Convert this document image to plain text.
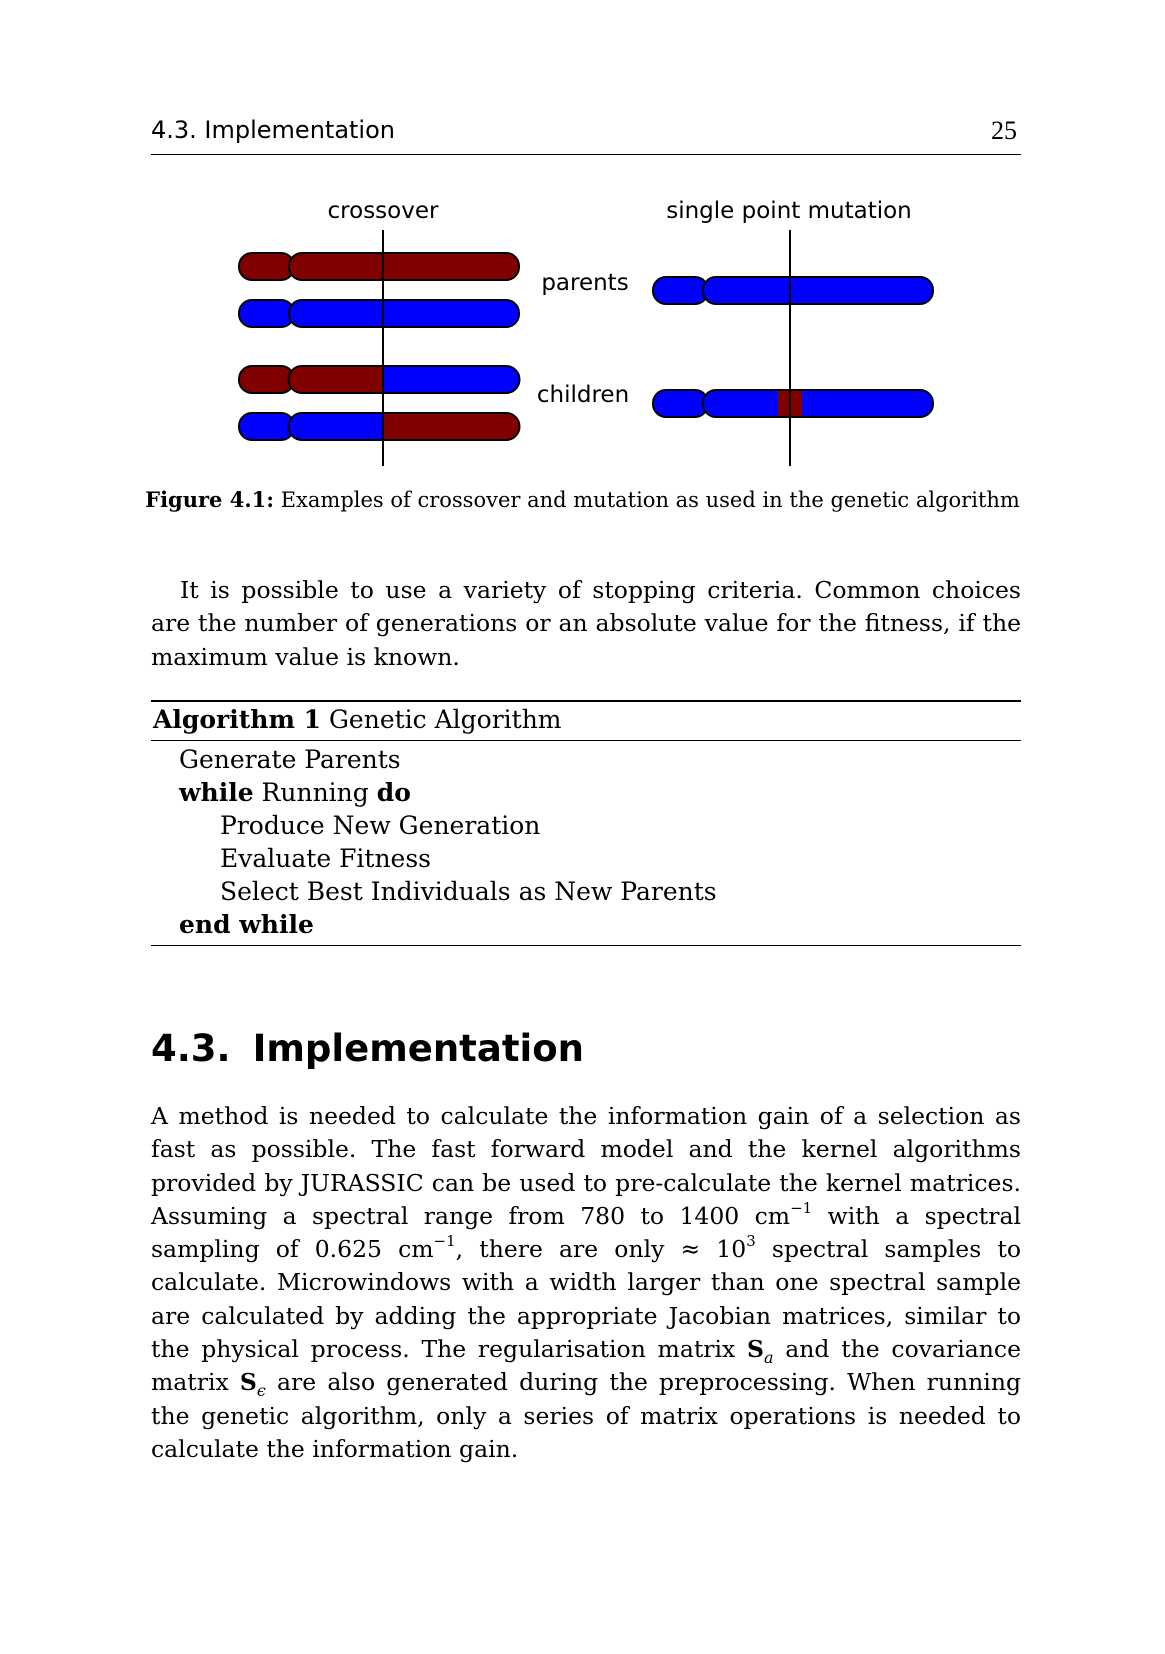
4.3. Implementation	25
crossover	single point mutation
parents
children
Figure 4.1: Examples of crossover and mutation as used in the genetic algorithm
It is possible to use a variety of stopping criteria. Common choices are the number of generations or an absolute value for the fitness, if the maximum value is known.
Algorithm 1 Genetic Algorithm
Generate Parents
while Running do
Produce New Generation
Evaluate Fitness
Select Best Individuals as New Parents
end while
4.3. Implementation
A method is needed to calculate the information gain of a selection as fast as possible. The fast forward model and the kernel algorithms provided by JURASSIC can be used to pre-calculate the kernel matrices. Assuming a spectral range from 780 to 1400 $cm^{-1}$ with a spectral sampling of 0.625 $cm^{-1}$, there are only ≈ $10^3$ spectral samples to calculate. Microwindows with a width larger than one spectral sample are calculated by adding the appropriate Jacobian matrices, similar to the physical process. The regularisation matrix $S_a$ and the covariance matrix $S_\epsilon$ are also generated during the preprocessing. When running the genetic algorithm, only a series of matrix operations is needed to calculate the information gain.
